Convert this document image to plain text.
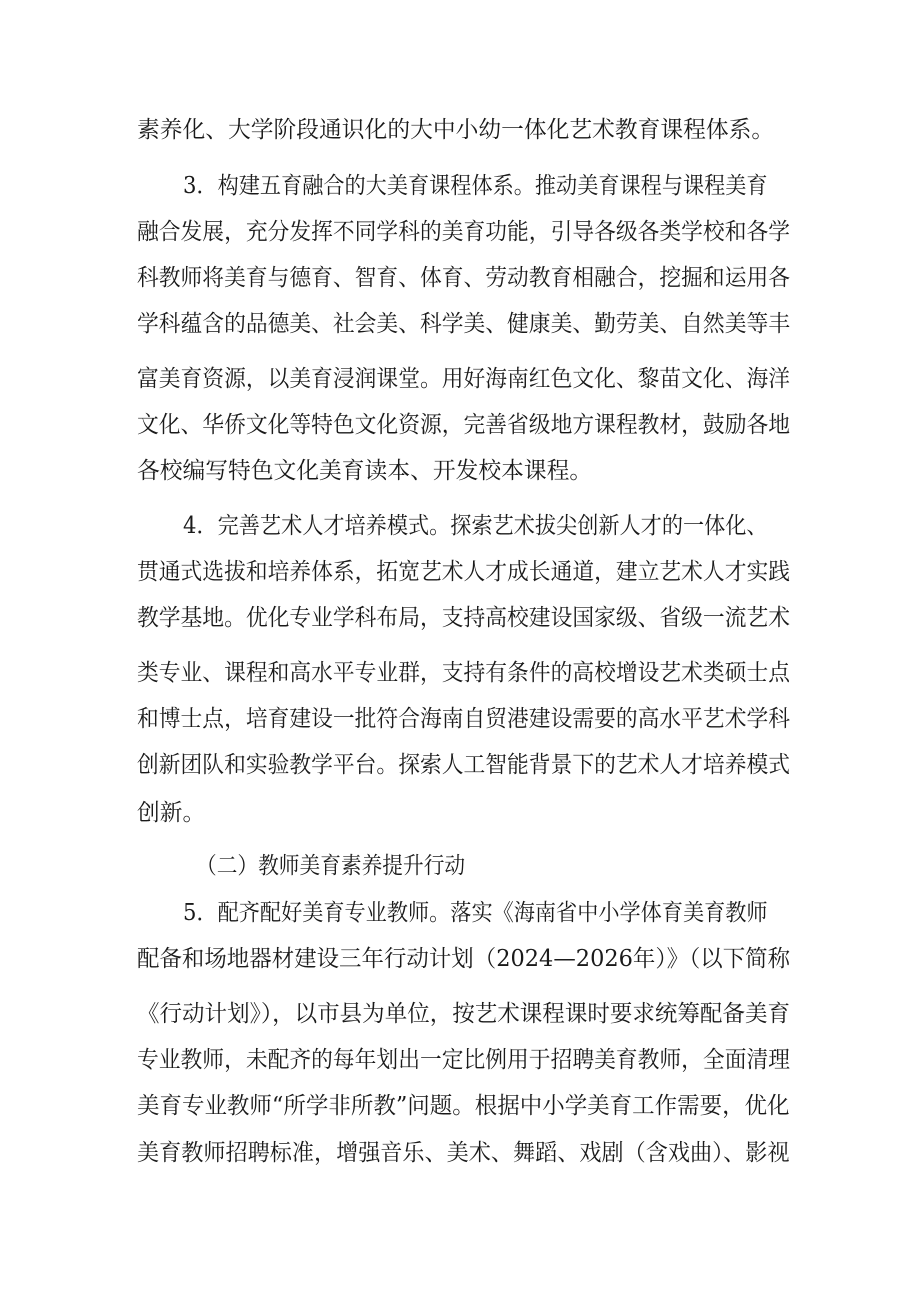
素养化、大学阶段通识化的大中小幼一体化艺术教育课程体系。
3．构建五育融合的大美育课程体系。推动美育课程与课程美育
融合发展，充分发挥不同学科的美育功能，引导各级各类学校和各学
科教师将美育与德育、智育、体育、劳动教育相融合，挖掘和运用各
学科蕴含的品德美、社会美、科学美、健康美、勤劳美、自然美等丰
富美育资源，以美育浸润课堂。用好海南红色文化、黎苗文化、海洋
文化、华侨文化等特色文化资源，完善省级地方课程教材，鼓励各地
各校编写特色文化美育读本、开发校本课程。
4．完善艺术人才培养模式。探索艺术拔尖创新人才的一体化、
贯通式选拔和培养体系，拓宽艺术人才成长通道，建立艺术人才实践
教学基地。优化专业学科布局，支持高校建设国家级、省级一流艺术
类专业、课程和高水平专业群，支持有条件的高校增设艺术类硕士点
和博士点，培育建设一批符合海南自贸港建设需要的高水平艺术学科
创新团队和实验教学平台。探索人工智能背景下的艺术人才培养模式
创新。
（二）教师美育素养提升行动
5．配齐配好美育专业教师。落实《海南省中小学体育美育教师
配备和场地器材建设三年行动计划（2024—2026年）》（以下简称
《行动计划》），以市县为单位，按艺术课程课时要求统筹配备美育
专业教师，未配齐的每年划出一定比例用于招聘美育教师，全面清理
美育专业教师“所学非所教”问题。根据中小学美育工作需要，优化
美育教师招聘标准，增强音乐、美术、舞蹈、戏剧（含戏曲）、影视
